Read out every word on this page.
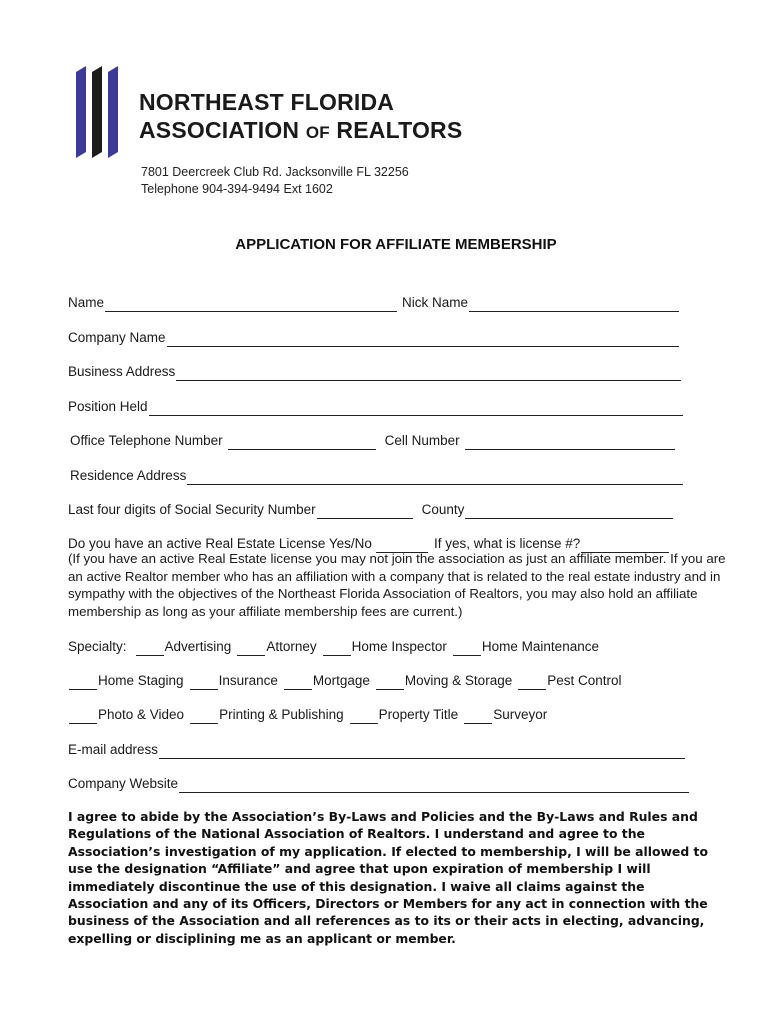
NORTHEAST FLORIDA
ASSOCIATION OF REALTORS
7801 Deercreek Club Rd. Jacksonville FL 32256
Telephone 904-394-9494 Ext 1602
APPLICATION FOR AFFILIATE MEMBERSHIP
Name	Nick Name
Company Name
Business Address
Position Held
Office Telephone Number	Cell Number
Residence Address
Last four digits of Social Security Number	County
Do you have an active Real Estate License Yes/No	If yes, what is license #?
(If you have an active Real Estate license you may not join the association as just an affiliate member. If you are an active Realtor member who has an affiliation with a company that is related to the real estate industry and in sympathy with the objectives of the Northeast Florida Association of Realtors, you may also hold an affiliate membership as long as your affiliate membership fees are current.)
Specialty:	Advertising	Attorney	Home Inspector	Home Maintenance
Home Staging	Insurance	Mortgage	Moving & Storage	Pest Control
Photo & Video	Printing & Publishing	Property Title	Surveyor
E-mail address
Company Website
I agree to abide by the Association’s By-Laws and Policies and the By-Laws and Rules and Regulations of the National Association of Realtors. I understand and agree to the Association’s investigation of my application. If elected to membership, I will be allowed to use the designation “Affiliate” and agree that upon expiration of membership I will immediately discontinue the use of this designation. I waive all claims against the Association and any of its Officers, Directors or Members for any act in connection with the business of the Association and all references as to its or their acts in electing, advancing, expelling or disciplining me as an applicant or member.
